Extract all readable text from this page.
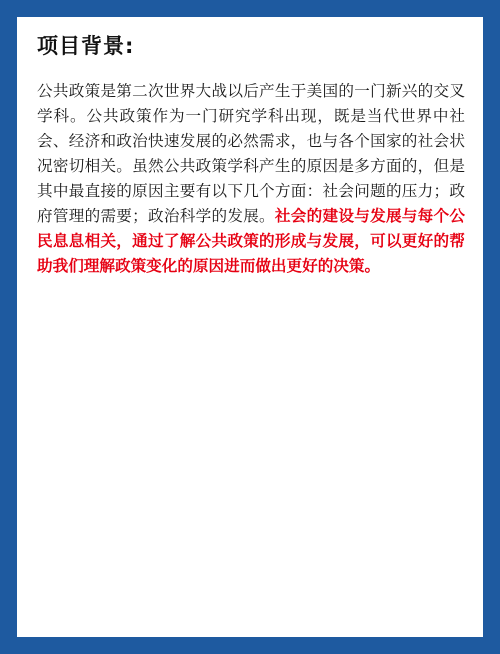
项目背景:

公共政策是第二次世界大战以后产生于美国的一门新兴的交叉学科。公共政策作为一门研究学科出现，既是当代世界中社会、经济和政治快速发展的必然需求，也与各个国家的社会状况密切相关。虽然公共政策学科产生的原因是多方面的，但是其中最直接的原因主要有以下几个方面：社会问题的压力；政府管理的需要；政治科学的发展。社会的建设与发展与每个公民息息相关，通过了解公共政策的形成与发展，可以更好的帮助我们理解政策变化的原因进而做出更好的决策。
